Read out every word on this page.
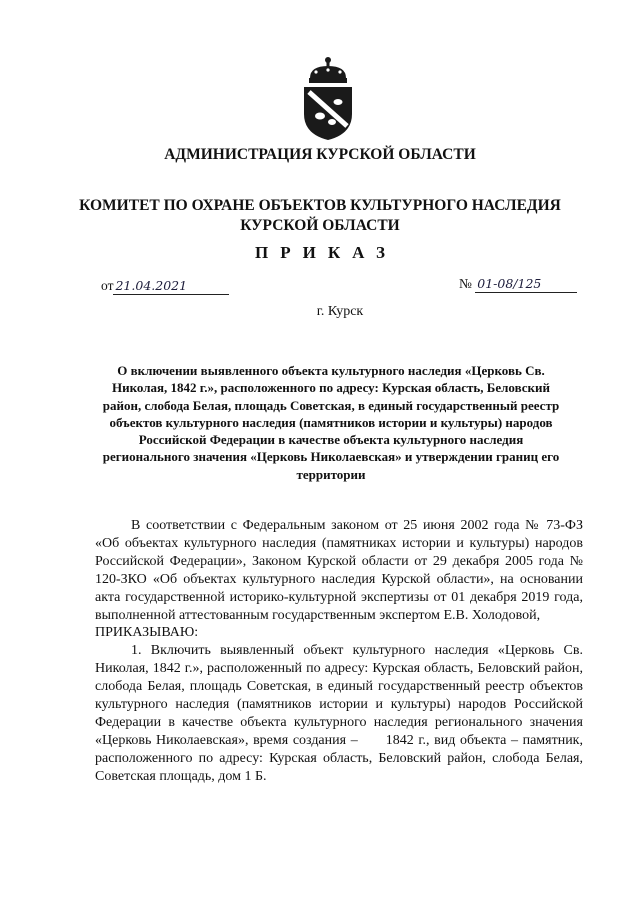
АДМИНИСТРАЦИЯ КУРСКОЙ ОБЛАСТИ
КОМИТЕТ ПО ОХРАНЕ ОБЪЕКТОВ КУЛЬТУРНОГО НАСЛЕДИЯ
КУРСКОЙ ОБЛАСТИ
ПРИКАЗ
от 21.04.2021	№ 01-08/125
г. Курск
О включении выявленного объекта культурного наследия «Церковь Св. Николая, 1842 г.», расположенного по адресу: Курская область, Беловский район, слобода Белая, площадь Советская, в единый государственный реестр объектов культурного наследия (памятников истории и культуры) народов Российской Федерации в качестве объекта культурного наследия регионального значения «Церковь Николаевская» и утверждении границ его территории

В соответствии с Федеральным законом от 25 июня 2002 года № 73-ФЗ «Об объектах культурного наследия (памятниках истории и культуры) народов Российской Федерации», Законом Курской области от 29 декабря 2005 года № 120-ЗКО «Об объектах культурного наследия Курской области», на основании акта государственной историко-культурной экспертизы от 01 декабря 2019 года, выполненной аттестованным государственным экспертом Е.В. Холодовой,

ПРИКАЗЫВАЮ:

1. Включить выявленный объект культурного наследия «Церковь Св. Николая, 1842 г.», расположенный по адресу: Курская область, Беловский район, слобода Белая, площадь Советская, в единый государственный реестр объектов культурного наследия (памятников истории и культуры) народов Российской Федерации в качестве объекта культурного наследия регионального значения «Церковь Николаевская», время создания – 1842 г., вид объекта – памятник, расположенного по адресу: Курская область, Беловский район, слобода Белая, Советская площадь, дом 1 Б.
